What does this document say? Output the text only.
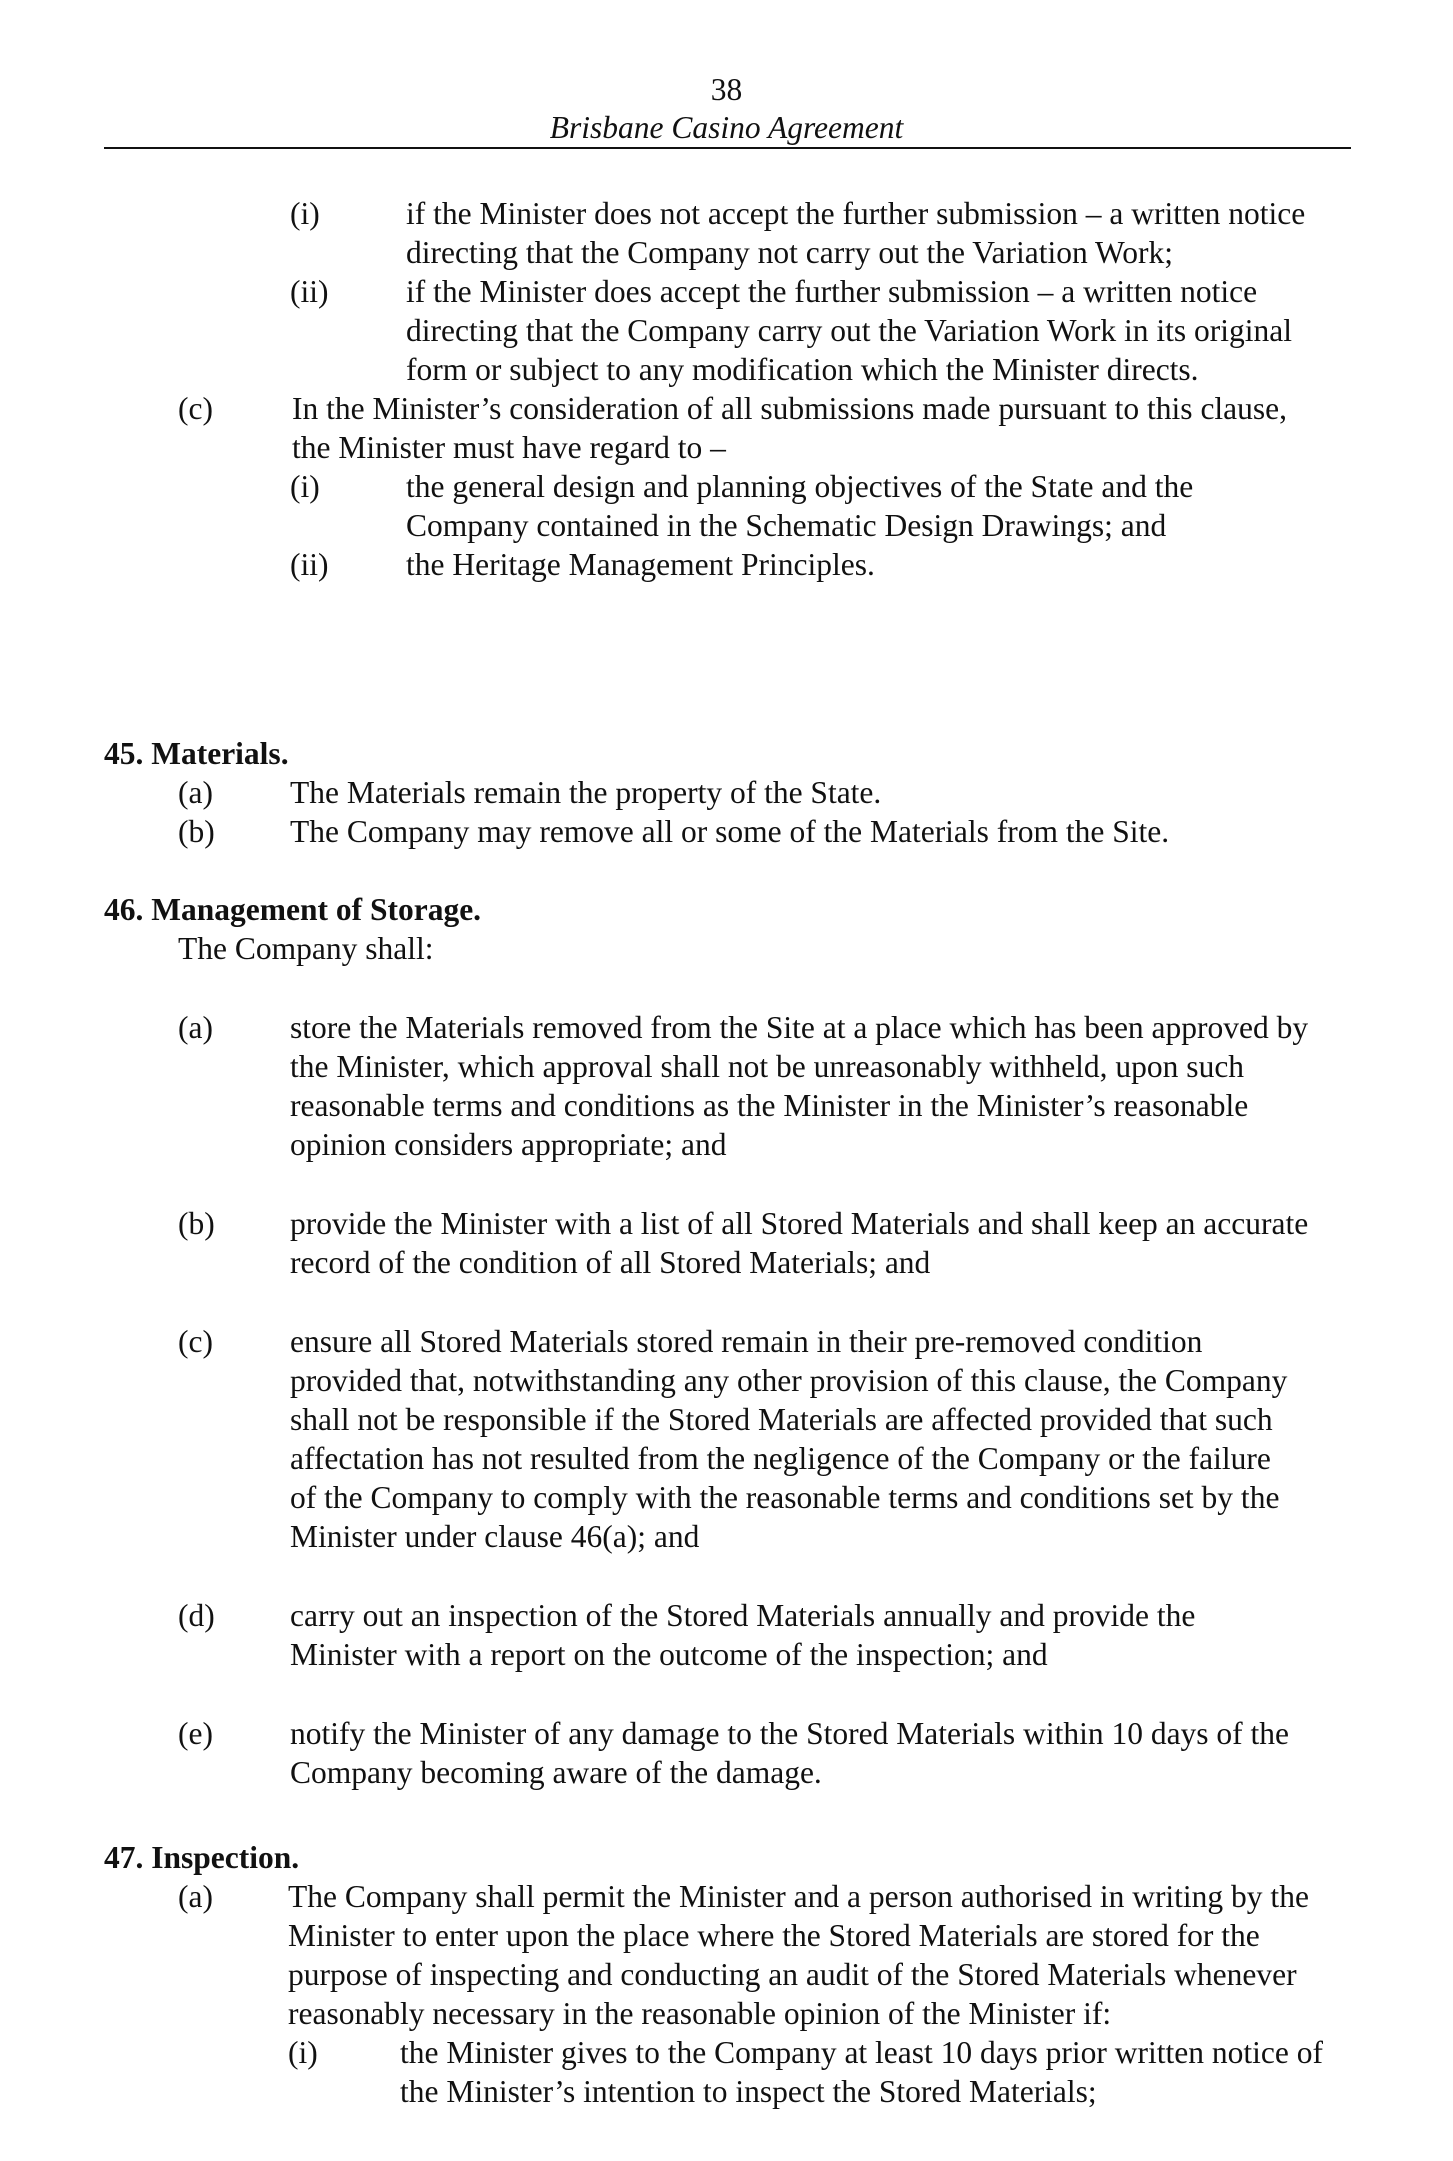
38
Brisbane Casino Agreement
(i)	if the Minister does not accept the further submission – a written notice directing that the Company not carry out the Variation Work;
(ii) if the Minister does accept the further submission – a written notice directing that the Company carry out the Variation Work in its original form or subject to any modification which the Minister directs.
(c)	In the Minister’s consideration of all submissions made pursuant to this clause, the Minister must have regard to –
(i)	the general design and planning objectives of the State and the Company contained in the Schematic Design Drawings; and
(ii) the Heritage Management Principles.
45. Materials.
(a) The Materials remain the property of the State.
(b) The Company may remove all or some of the Materials from the Site.
46. Management of Storage.
The Company shall:
(a) store the Materials removed from the Site at a place which has been approved by the Minister, which approval shall not be unreasonably withheld, upon such reasonable terms and conditions as the Minister in the Minister’s reasonable opinion considers appropriate; and
(b) provide the Minister with a list of all Stored Materials and shall keep an accurate record of the condition of all Stored Materials; and
(c) ensure all Stored Materials stored remain in their pre-removed condition provided that, notwithstanding any other provision of this clause, the Company shall not be responsible if the Stored Materials are affected provided that such affectation has not resulted from the negligence of the Company or the failure of the Company to comply with the reasonable terms and conditions set by the Minister under clause 46(a); and
(d) carry out an inspection of the Stored Materials annually and provide the Minister with a report on the outcome of the inspection; and
(e) notify the Minister of any damage to the Stored Materials within 10 days of the Company becoming aware of the damage.
47. Inspection.
(a) The Company shall permit the Minister and a person authorised in writing by the Minister to enter upon the place where the Stored Materials are stored for the purpose of inspecting and conducting an audit of the Stored Materials whenever reasonably necessary in the reasonable opinion of the Minister if:
(i)	the Minister gives to the Company at least 10 days prior written notice of the Minister’s intention to inspect the Stored Materials;
